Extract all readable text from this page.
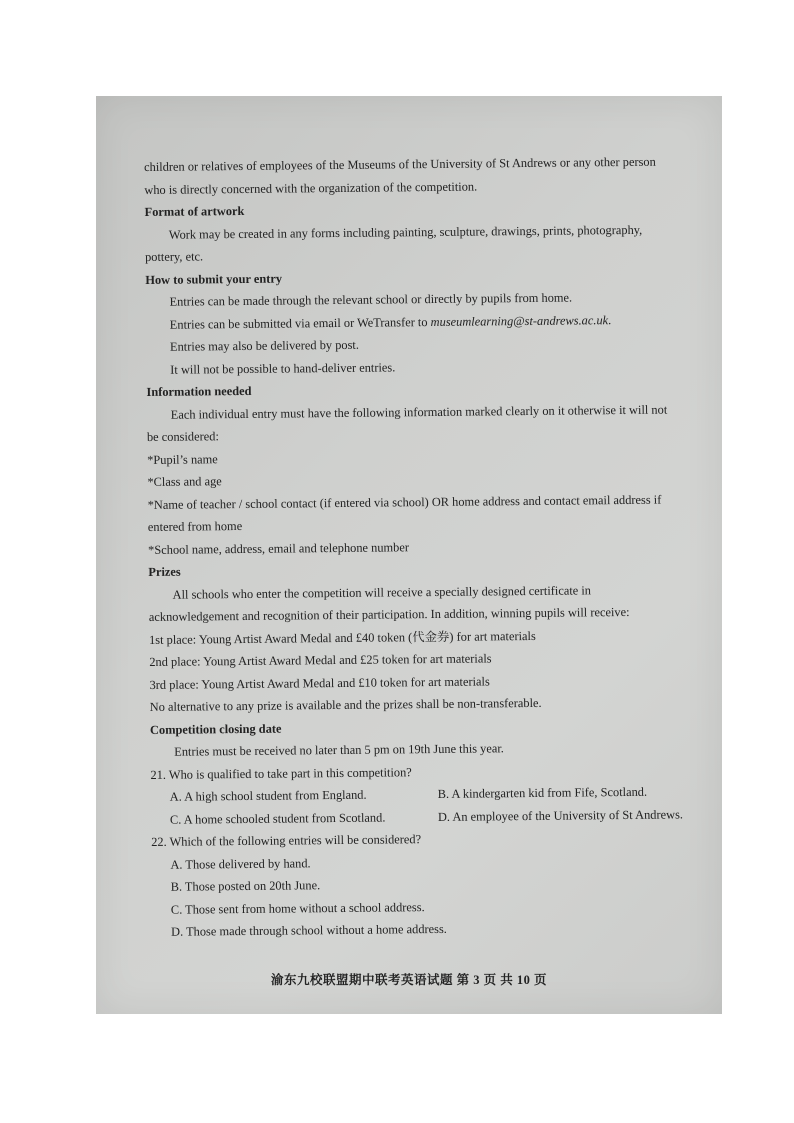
children or relatives of employees of the Museums of the University of St Andrews or any other person

who is directly concerned with the organization of the competition.

Format of artwork

Work may be created in any forms including painting, sculpture, drawings, prints, photography,

pottery, etc.

How to submit your entry

Entries can be made through the relevant school or directly by pupils from home.

Entries can be submitted via email or WeTransfer to museumlearning@st-andrews.ac.uk.

Entries may also be delivered by post.

It will not be possible to hand-deliver entries.

Information needed

Each individual entry must have the following information marked clearly on it otherwise it will not

be considered:

*Pupil’s name

*Class and age

*Name of teacher / school contact (if entered via school) OR home address and contact email address if

entered from home

*School name, address, email and telephone number

Prizes

All schools who enter the competition will receive a specially designed certificate in

acknowledgement and recognition of their participation. In addition, winning pupils will receive:

1st place: Young Artist Award Medal and £40 token (代金券) for art materials

2nd place: Young Artist Award Medal and £25 token for art materials

3rd place: Young Artist Award Medal and £10 token for art materials

No alternative to any prize is available and the prizes shall be non-transferable.

Competition closing date

Entries must be received no later than 5 pm on 19th June this year.

21. Who is qualified to take part in this competition?

A. A high school student from England.	B. A kindergarten kid from Fife, Scotland.
C. A home schooled student from Scotland.	D. An employee of the University of St Andrews.

22. Which of the following entries will be considered?

A. Those delivered by hand.

B. Those posted on 20th June.

C. Those sent from home without a school address.

D. Those made through school without a home address.

渝东九校联盟期中联考英语试题 第 3 页 共 10 页
